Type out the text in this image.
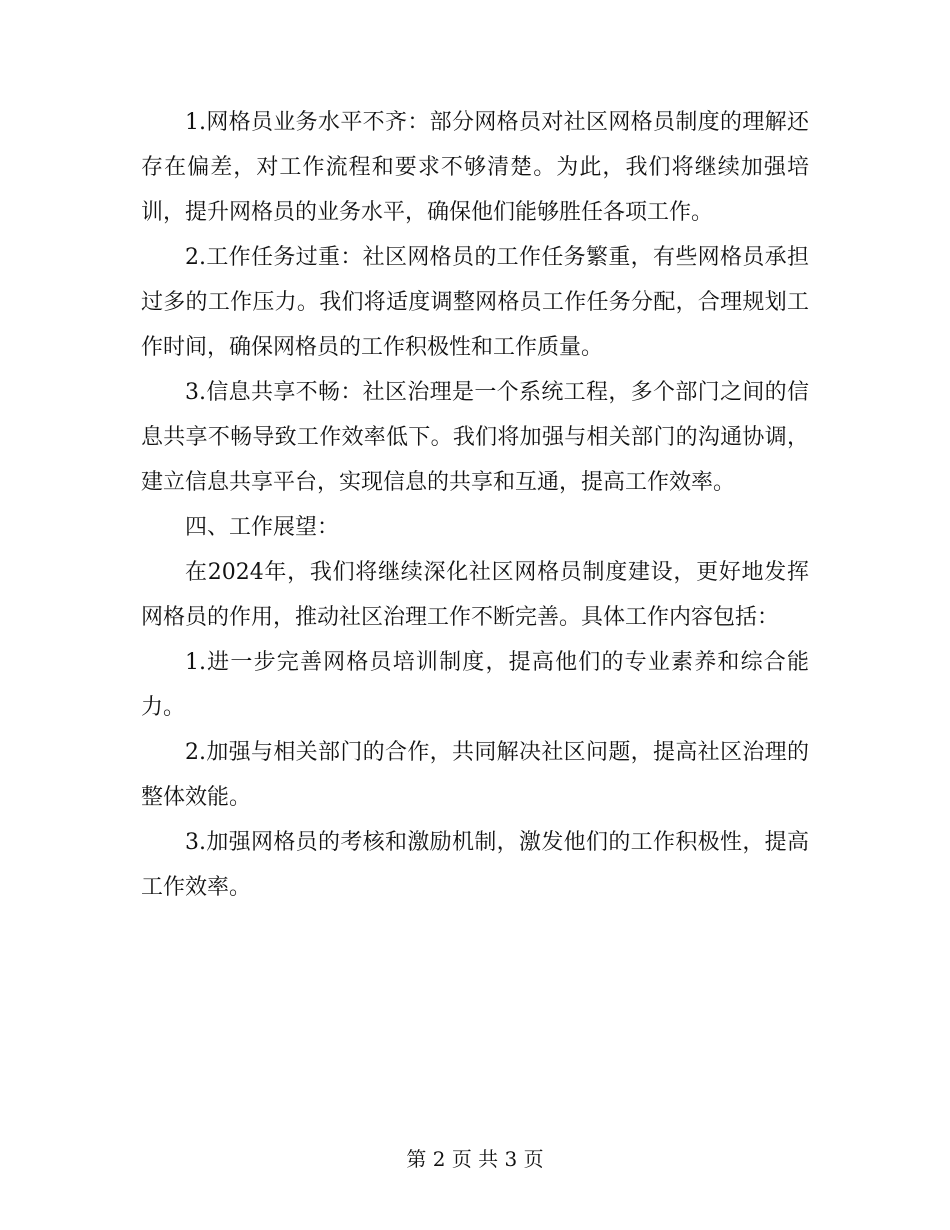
1.网格员业务水平不齐：部分网格员对社区网格员制度的理解还存在偏差，对工作流程和要求不够清楚。为此，我们将继续加强培训，提升网格员的业务水平，确保他们能够胜任各项工作。

2.工作任务过重：社区网格员的工作任务繁重，有些网格员承担过多的工作压力。我们将适度调整网格员工作任务分配，合理规划工作时间，确保网格员的工作积极性和工作质量。

3.信息共享不畅：社区治理是一个系统工程，多个部门之间的信息共享不畅导致工作效率低下。我们将加强与相关部门的沟通协调，建立信息共享平台，实现信息的共享和互通，提高工作效率。

四、工作展望：

在2024年，我们将继续深化社区网格员制度建设，更好地发挥网格员的作用，推动社区治理工作不断完善。具体工作内容包括：

1.进一步完善网格员培训制度，提高他们的专业素养和综合能力。

2.加强与相关部门的合作，共同解决社区问题，提高社区治理的整体效能。

3.加强网格员的考核和激励机制，激发他们的工作积极性，提高工作效率。

第 2 页 共 3 页
